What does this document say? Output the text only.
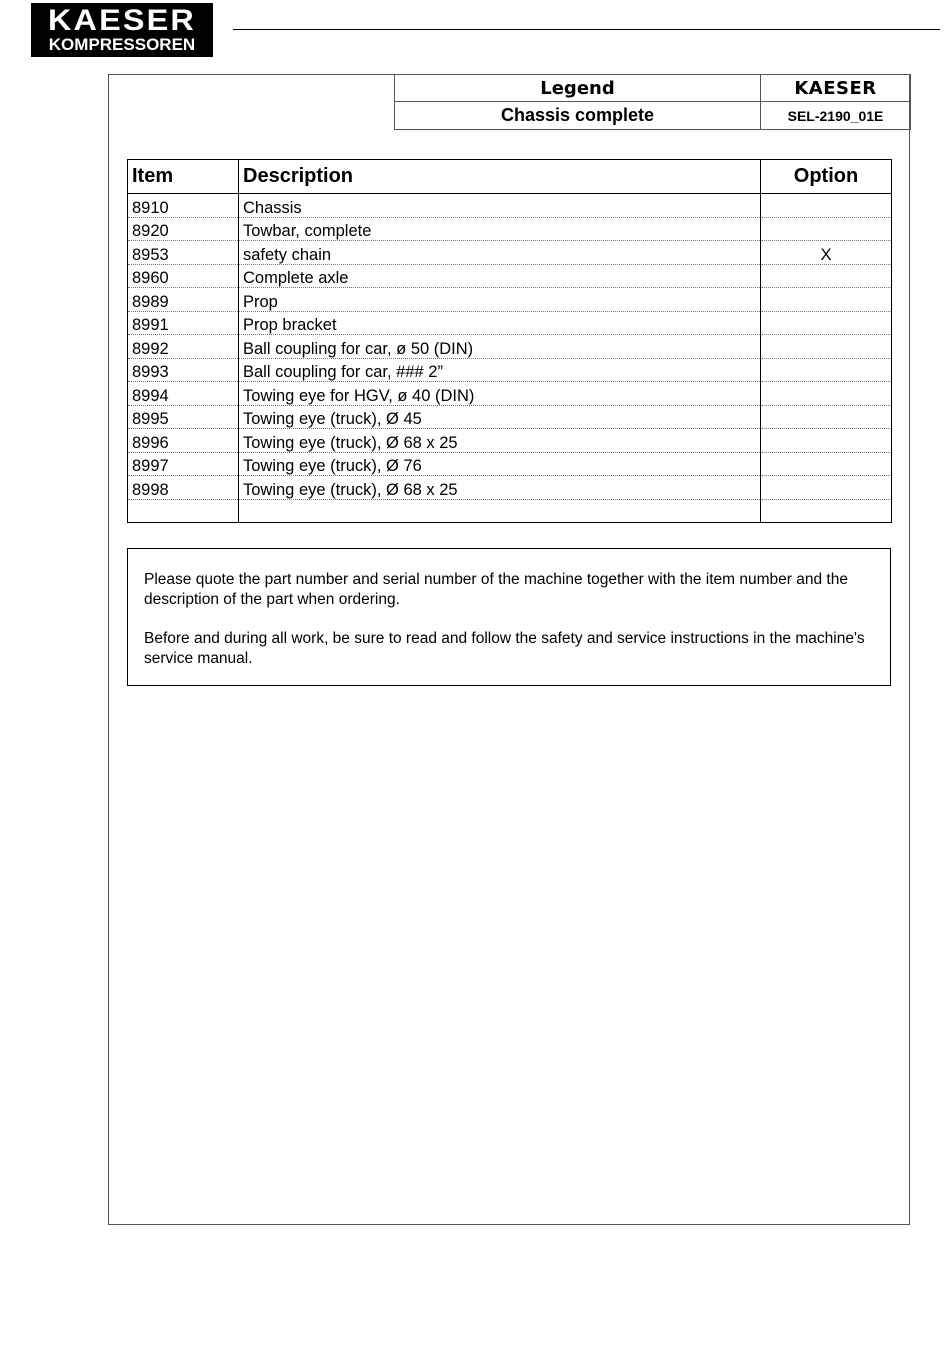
KAESER
KOMPRESSOREN
Legend	KAESER
Chassis complete	SEL-2190_01E
Item	Description	Option
8910	Chassis	
8920	Towbar, complete	
8953	safety chain	X
8960	Complete axle	
8989	Prop	
8991	Prop bracket	
8992	Ball coupling for car, ø 50 (DIN)	
8993	Ball coupling for car, ### 2”	
8994	Towing eye for HGV, ø 40 (DIN)	
8995	Towing eye (truck), Ø 45	
8996	Towing eye (truck), Ø 68 x 25	
8997	Towing eye (truck), Ø 76	
8998	Towing eye (truck), Ø 68 x 25	

Please quote the part number and serial number of the machine together with the item number and the description of the part when ordering.

Before and during all work, be sure to read and follow the safety and service instructions in the machine's service manual.
